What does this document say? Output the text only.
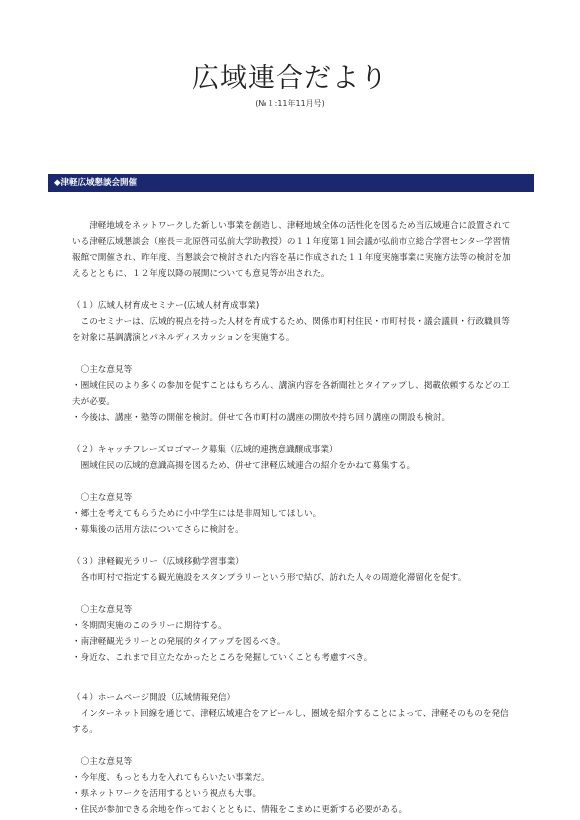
広域連合だより
(№１:11年11月号)
◆津軽広域懇談会開催

　津軽地域をネットワークした新しい事業を創造し、津軽地域全体の活性化を図るため当広域連合に設置されている津軽広域懇談会（座長＝北原啓司弘前大学助教授）の１１年度第１回会議が弘前市立総合学習センター学習情報館で開催され、昨年度、当懇談会で検討された内容を基に作成された１１年度実施事業に実施方法等の検討を加えるとともに、１２年度以降の展開についても意見等が出された。

（１）広域人材育成セミナー(広域人材育成事業)

このセミナーは、広域的視点を持った人材を育成するため、関係市町村住民・市町村長・議会議員・行政職員等を対象に基調講演とパネルディスカッションを実施する。

〇主な意見等

・圏域住民のより多くの参加を促すことはもちろん、講演内容を各新聞社とタイアップし、掲載依頼するなどの工夫が必要。

・今後は、講座・塾等の開催を検討。併せて各市町村の講座の開放や持ち回り講座の開設も検討。

（２）キャッチフレーズロゴマーク募集（広域的連携意識醸成事業）

圏域住民の広域的意識高揚を図るため、併せて津軽広域連合の紹介をかねて募集する。

〇主な意見等

・郷土を考えてもらうために小中学生には是非周知してほしい。

・募集後の活用方法についてさらに検討を。

（３）津軽観光ラリー（広域移動学習事業）

各市町村で指定する観光施設をスタンプラリーという形で結び、訪れた人々の周遊化滞留化を促す。

〇主な意見等

・冬期間実施のこのラリーに期待する。

・南津軽観光ラリーとの発展的タイアップを図るべき。

・身近な、これまで目立たなかったところを発掘していくことも考慮すべき。

（４）ホームページ開設（広域情報発信）

インターネット回線を通じて、津軽広域連合をアピールし、圏域を紹介することによって、津軽そのものを発信する。

〇主な意見等

・今年度、もっとも力を入れてもらいたい事業だ。

・県ネットワークを活用するという視点も大事。

・住民が参加できる余地を作っておくとともに、情報をこまめに更新する必要がある。
